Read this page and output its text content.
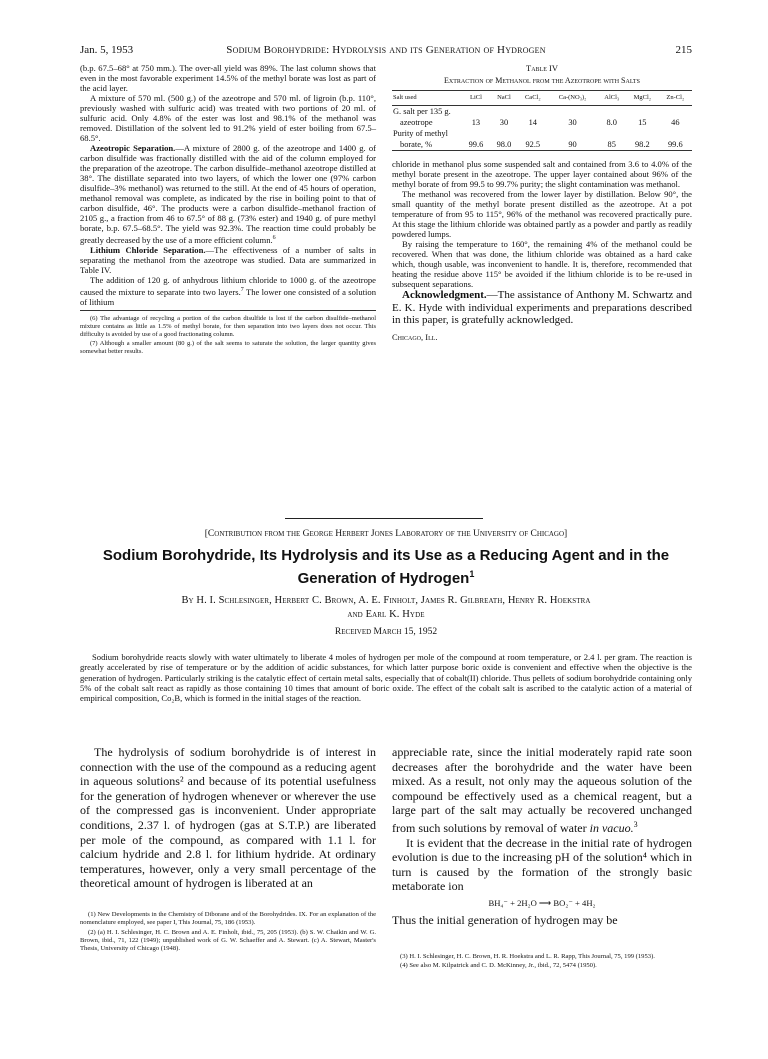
Jan. 5, 1953	Sodium Borohydride: Hydrolysis and its Generation of Hydrogen	215

(b.p. 67.5–68° at 750 mm.). The over-all yield was 89%. The last column shows that even in the most favorable experiment 14.5% of the methyl borate was lost as part of the acid layer.

A mixture of 570 ml. (500 g.) of the azeotrope and 570 ml. of ligroin (b.p. 110°, previously washed with sulfuric acid) was treated with two portions of 20 ml. of sulfuric acid. Only 4.8% of the ester was lost and 98.1% of the methanol was removed. Distillation of the solvent led to 91.2% yield of ester boiling from 67.5–68.5°.

Azeotropic Separation.—A mixture of 2800 g. of the azeotrope and 1400 g. of carbon disulfide was fractionally distilled with the aid of the column employed for the preparation of the azeotrope. The carbon disulfide–methanol azeotrope distilled at 38°. The distillate separated into two layers, of which the lower one (97% carbon disulfide–3% methanol) was returned to the still. At the end of 45 hours of operation, methanol removal was complete, as indicated by the rise in boiling point to that of carbon disulfide, 46°. The products were a carbon disulfide–methanol fraction of 2105 g., a fraction from 46 to 67.5° of 88 g. (73% ester) and 1940 g. of pure methyl borate, b.p. 67.5–68.5°. The yield was 92.3%. The reaction time could probably be greatly decreased by the use of a more efficient column.$^6$

Lithium Chloride Separation.—The effectiveness of a number of salts in separating the methanol from the azeotrope was studied. Data are summarized in Table IV.

The addition of 120 g. of anhydrous lithium chloride to 1000 g. of the azeotrope caused the mixture to separate into two layers.$^7$ The lower one consisted of a solution of lithium

(6) The advantage of recycling a portion of the carbon disulfide is lost if the carbon disulfide–methanol mixture contains as little as 1.5% of methyl borate, for then separation into two layers does not occur. This difficulty is avoided by use of a good fractionating column.

(7) Although a smaller amount (80 g.) of the salt seems to saturate the solution, the larger quantity gives somewhat better results.

Table IV
Extraction of Methanol from the Azeotrope with Salts
Salt used	LiCl	NaCl	CaCl₂	Ca-(NO₃)₂	AlCl₃	MgCl₂	Zn-Cl₂
G. salt per 135 g.							
azeotrope	13	30	14	30	8.0	15	46
Purity of methyl							
borate, %	99.6	98.0	92.5	90	85	98.2	99.6

chloride in methanol plus some suspended salt and contained from 3.6 to 4.0% of the methyl borate present in the azeotrope. The upper layer contained about 96% of the methyl borate of from 99.5 to 99.7% purity; the slight contamination was methanol.

The methanol was recovered from the lower layer by distillation. Below 90°, the small quantity of the methyl borate present distilled as the azeotrope. At a pot temperature of from 95 to 115°, 96% of the methanol was recovered practically pure. At this stage the lithium chloride was obtained partly as a powder and partly as readily powdered lumps.

By raising the temperature to 160°, the remaining 4% of the methanol could be recovered. When that was done, the lithium chloride was obtained as a hard cake which, though usable, was inconvenient to handle. It is, therefore, recommended that heating the residue above 115° be avoided if the lithium chloride is to be re-used in subsequent separations.

Acknowledgment.—The assistance of Anthony M. Schwartz and E. K. Hyde with individual experiments and preparations described in this paper, is gratefully acknowledged.

Chicago, Ill.
[Contribution from the George Herbert Jones Laboratory of the University of Chicago]
Sodium Borohydride, Its Hydrolysis and its Use as a Reducing Agent and in the Generation of Hydrogen$^1$
By H. I. Schlesinger, Herbert C. Brown, A. E. Finholt, James R. Gilbreath, Henry R. Hoekstra
and Earl K. Hyde
Received March 15, 1952
Sodium borohydride reacts slowly with water ultimately to liberate 4 moles of hydrogen per mole of the compound at room temperature, or 2.4 l. per gram. The reaction is greatly accelerated by rise of temperature or by the addition of acidic substances, for which latter purpose boric oxide is convenient and effective when the objective is the generation of hydrogen. Particularly striking is the catalytic effect of certain metal salts, especially that of cobalt(II) chloride. Thus pellets of sodium borohydride containing only 5% of the cobalt salt react as rapidly as those containing 10 times that amount of boric oxide. The effect of the cobalt salt is ascribed to the catalytic action of a material of empirical composition, Co₂B, which is formed in the initial stages of the reaction.

The hydrolysis of sodium borohydride is of interest in connection with the use of the compound as a reducing agent in aqueous solutions² and because of its potential usefulness for the generation of hydrogen whenever or wherever the use of the compressed gas is inconvenient. Under appropriate conditions, 2.37 l. of hydrogen (gas at S.T.P.) are liberated per mole of the compound, as compared with 1.1 l. for calcium hydride and 2.8 l. for lithium hydride. At ordinary temperatures, however, only a very small percentage of the theoretical amount of hydrogen is liberated at an

appreciable rate, since the initial moderately rapid rate soon decreases after the borohydride and the water have been mixed. As a result, not only may the aqueous solution of the compound be effectively used as a chemical reagent, but a large part of the salt may actually be recovered unchanged from such solutions by removal of water in vacuo.$^3$

It is evident that the decrease in the initial rate of hydrogen evolution is due to the increasing pH of the solution⁴ which in turn is caused by the formation of the strongly basic metaborate ion

BH₄⁻ + 2H₂O ⟶ BO₂⁻ + 4H₂

Thus the initial generation of hydrogen may be

(1) New Developments in the Chemistry of Diborane and of the Borohydrides. IX. For an explanation of the nomenclature employed, see paper I, This Journal, 75, 186 (1953).

(2) (a) H. I. Schlesinger, H. C. Brown and A. E. Finholt, ibid., 75, 205 (1953). (b) S. W. Chaikin and W. G. Brown, ibid., 71, 122 (1949); unpublished work of G. W. Schaeffer and A. Stewart. (c) A. Stewart, Master's Thesis, University of Chicago (1948).

(3) H. I. Schlesinger, H. C. Brown, H. R. Hoekstra and L. R. Rapp, This Journal, 75, 199 (1953).

(4) See also M. Kilpatrick and C. D. McKinney, Jr., ibid., 72, 5474 (1950).
